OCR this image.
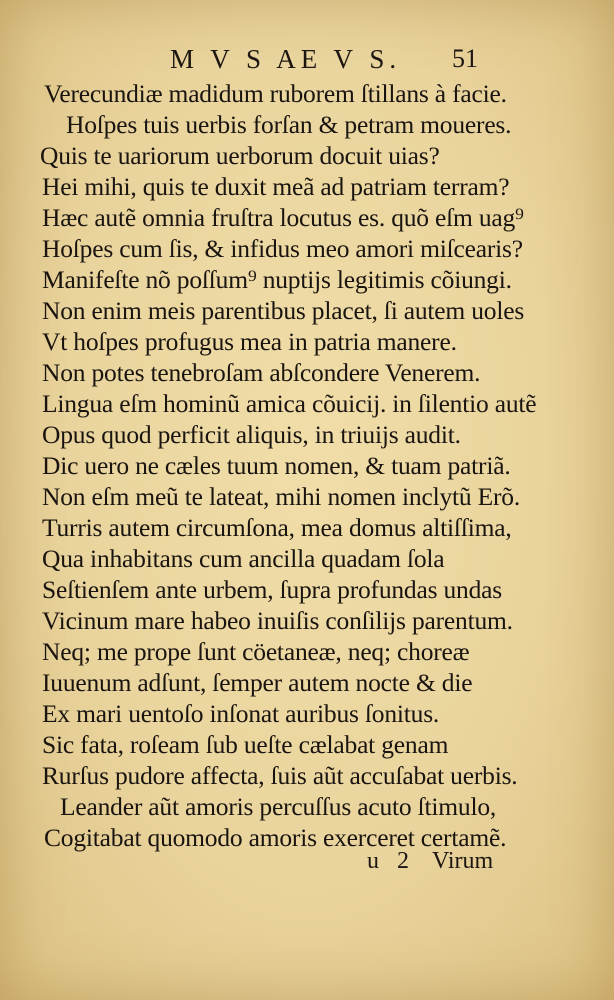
M V S AE V S. 51
Verecundiæ madidum ruborem ſtillans à facie.
Hoſpes tuis uerbis forſan & petram moueres.
Quis te uariorum uerborum docuit uias?
Hei mihi, quis te duxit meã ad patriam terram?
Hæc autẽ omnia fruſtra locutus es. quõ eſm uag⁹
Hoſpes cum ſis, & infidus meo amori miſcearis?
Manifeſte nõ poſſum⁹ nuptijs legitimis cõiungi.
Non enim meis parentibus placet, ſi autem uoles
Vt hoſpes profugus mea in patria manere.
Non potes tenebroſam abſcondere Venerem.
Lingua eſm hominũ amica cõuicij. in ſilentio autẽ
Opus quod perficit aliquis, in triuijs audit.
Dic uero ne cæles tuum nomen, & tuam patriã.
Non eſm meũ te lateat, mihi nomen inclytũ Erõ.
Turris autem circumſona, mea domus altiſſima,
Qua inhabitans cum ancilla quadam ſola
Seſtienſem ante urbem, ſupra profundas undas
Vicinum mare habeo inuiſis conſilijs parentum.
Neq; me prope ſunt cöetaneæ, neq; choreæ
Iuuenum adſunt, ſemper autem nocte & die
Ex mari uentoſo inſonat auribus ſonitus.
Sic fata, roſeam ſub ueſte cælabat genam
Rurſus pudore affecta, ſuis aũt accuſabat uerbis.
Leander aũt amoris percuſſus acuto ſtimulo,
Cogitabat quomodo amoris exerceret certamẽ.
u 2 Virum
